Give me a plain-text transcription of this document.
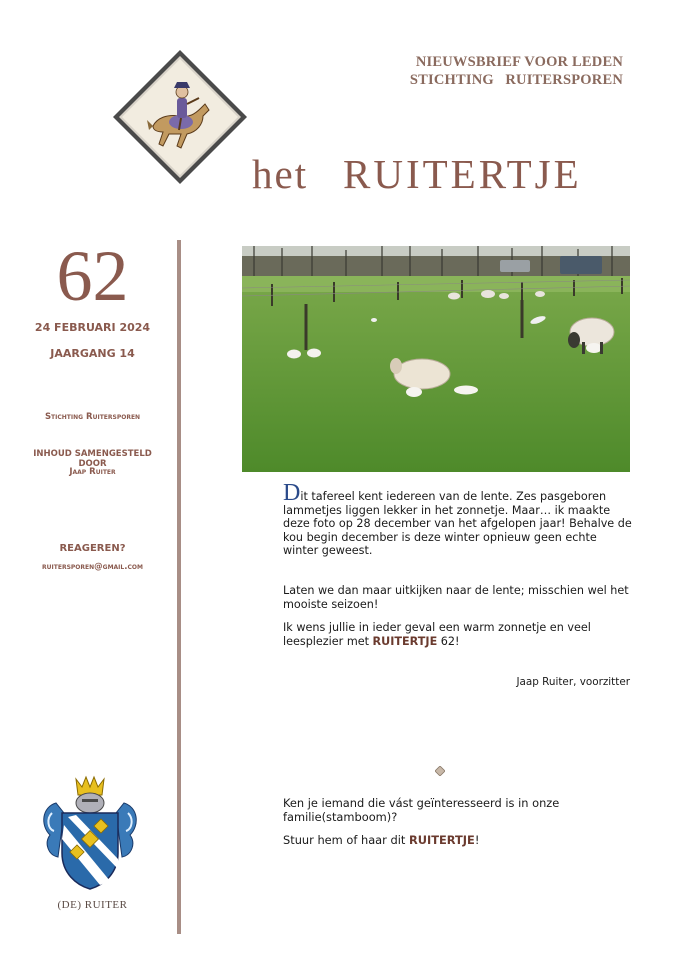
NIEUWSBRIEF VOOR LEDEN
STICHTING   RUITERSPOREN
het RUITERTJE
62
24 FEBRUARI 2024
JAARGANG 14
Stichting Ruitersporen
INHOUD SAMENGESTELD DOOR
Jaap Ruiter
REAGEREN?
ruitersporen@gmail.com
(DE) RUITER
Dit tafereel kent iedereen van de lente. Zes pasgeboren lammetjes liggen lekker in het zonnetje. Maar… ik maakte deze foto op 28 december van het afgelopen jaar! Behalve de kou begin december is deze winter opnieuw geen echte winter geweest.
Laten we dan maar uitkijken naar de lente; misschien wel het mooiste seizoen!
Ik wens jullie in ieder geval een warm zonnetje en veel leesplezier met RUITERTJE 62!
Jaap Ruiter, voorzitter
Ken je iemand die vást geïnteresseerd is in onze familie(stamboom)?
Stuur hem of haar dit RUITERTJE!
